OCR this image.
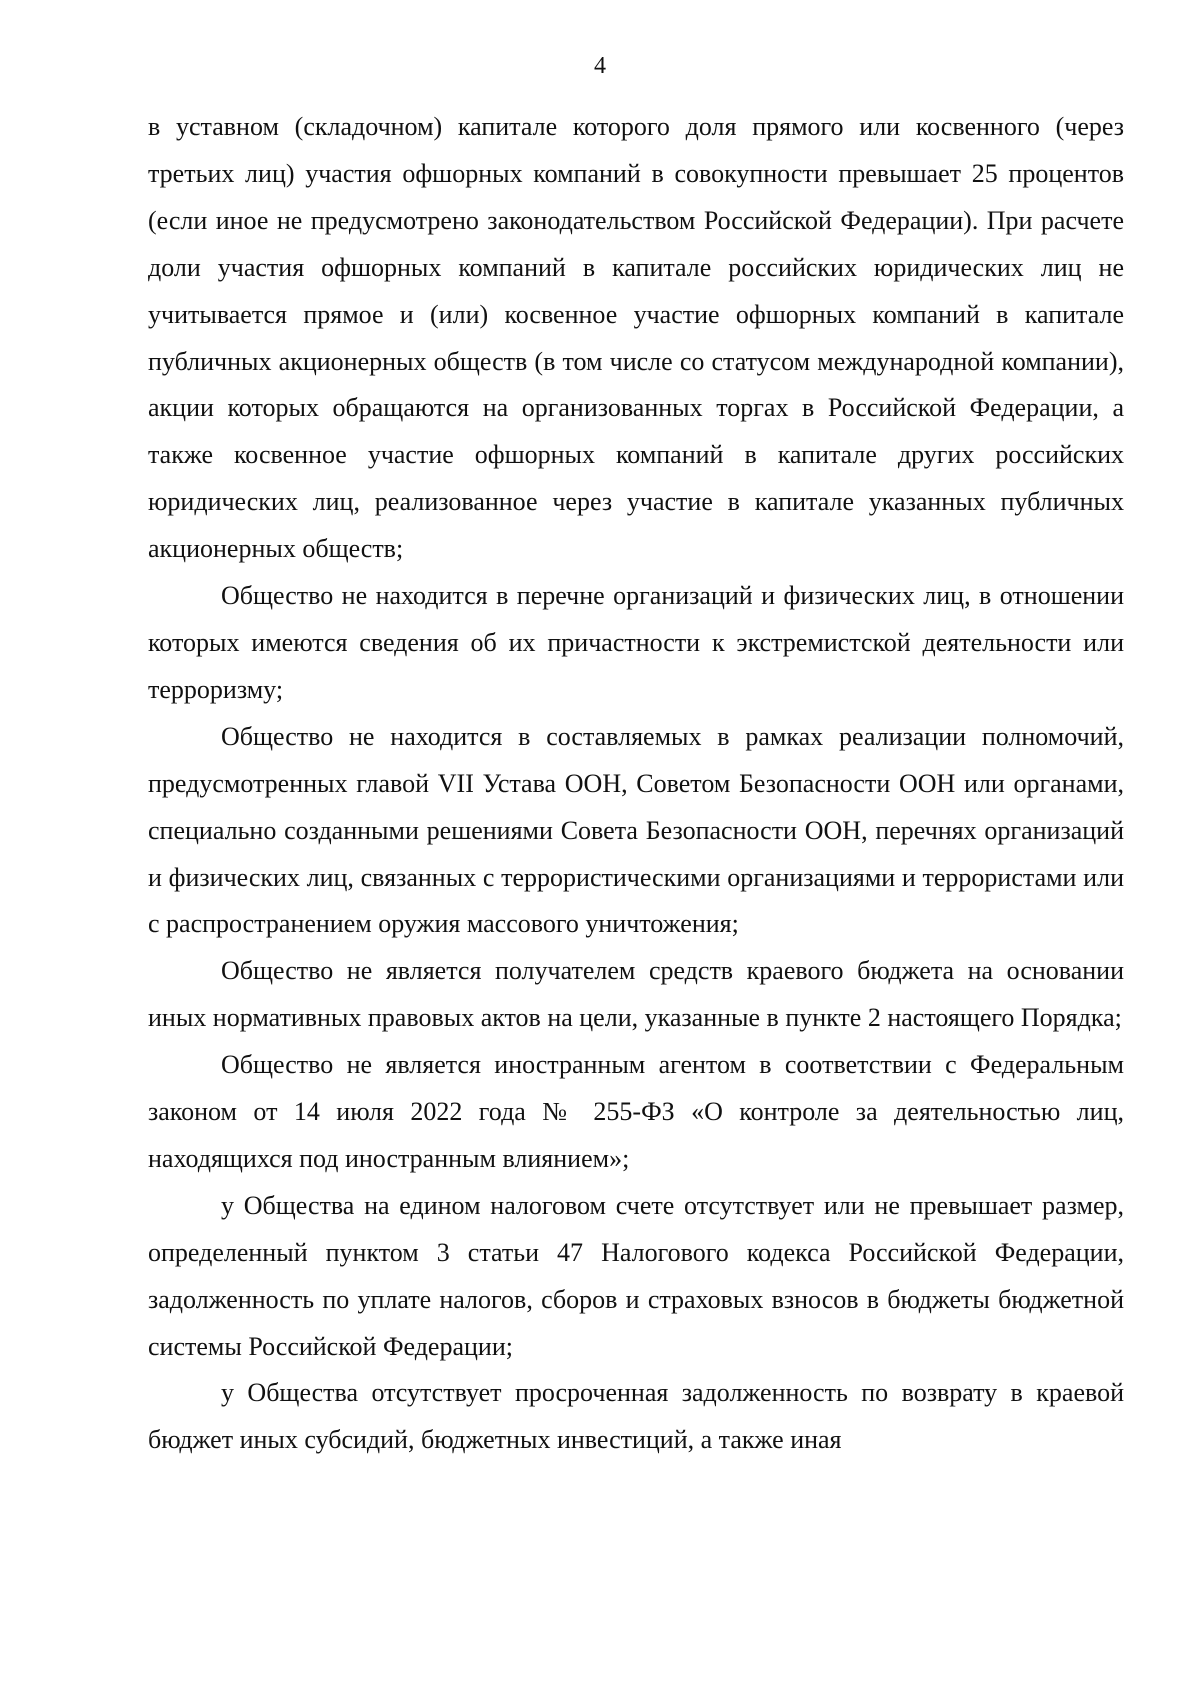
4

в уставном (складочном) капитале которого доля прямого или косвенного (через третьих лиц) участия офшорных компаний в совокупности превышает 25 процентов (если иное не предусмотрено законодательством Российской Федерации). При расчете доли участия офшорных компаний в капитале российских юридических лиц не учитывается прямое и (или) косвенное участие офшорных компаний в капитале публичных акционерных обществ (в том числе со статусом международной компании), акции которых обращаются на организованных торгах в Российской Федерации, а также косвенное участие офшорных компаний в капитале других российских юридических лиц, реализованное через участие в капитале указанных публичных акционерных обществ;

Общество не находится в перечне организаций и физических лиц, в отношении которых имеются сведения об их причастности к экстремистской деятельности или терроризму;

Общество не находится в составляемых в рамках реализации полномочий, предусмотренных главой VII Устава ООН, Советом Безопасности ООН или органами, специально созданными решениями Совета Безопасности ООН, перечнях организаций и физических лиц, связанных с террористическими организациями и террористами или с распространением оружия массового уничтожения;

Общество не является получателем средств краевого бюджета на основании иных нормативных правовых актов на цели, указанные в пункте 2 настоящего Порядка;

Общество не является иностранным агентом в соответствии с Федеральным законом от 14 июля 2022 года № 255-ФЗ «О контроле за деятельностью лиц, находящихся под иностранным влиянием»;

у Общества на едином налоговом счете отсутствует или не превышает размер, определенный пунктом 3 статьи 47 Налогового кодекса Российской Федерации, задолженность по уплате налогов, сборов и страховых взносов в бюджеты бюджетной системы Российской Федерации;

у Общества отсутствует просроченная задолженность по возврату в краевой бюджет иных субсидий, бюджетных инвестиций, а также иная
